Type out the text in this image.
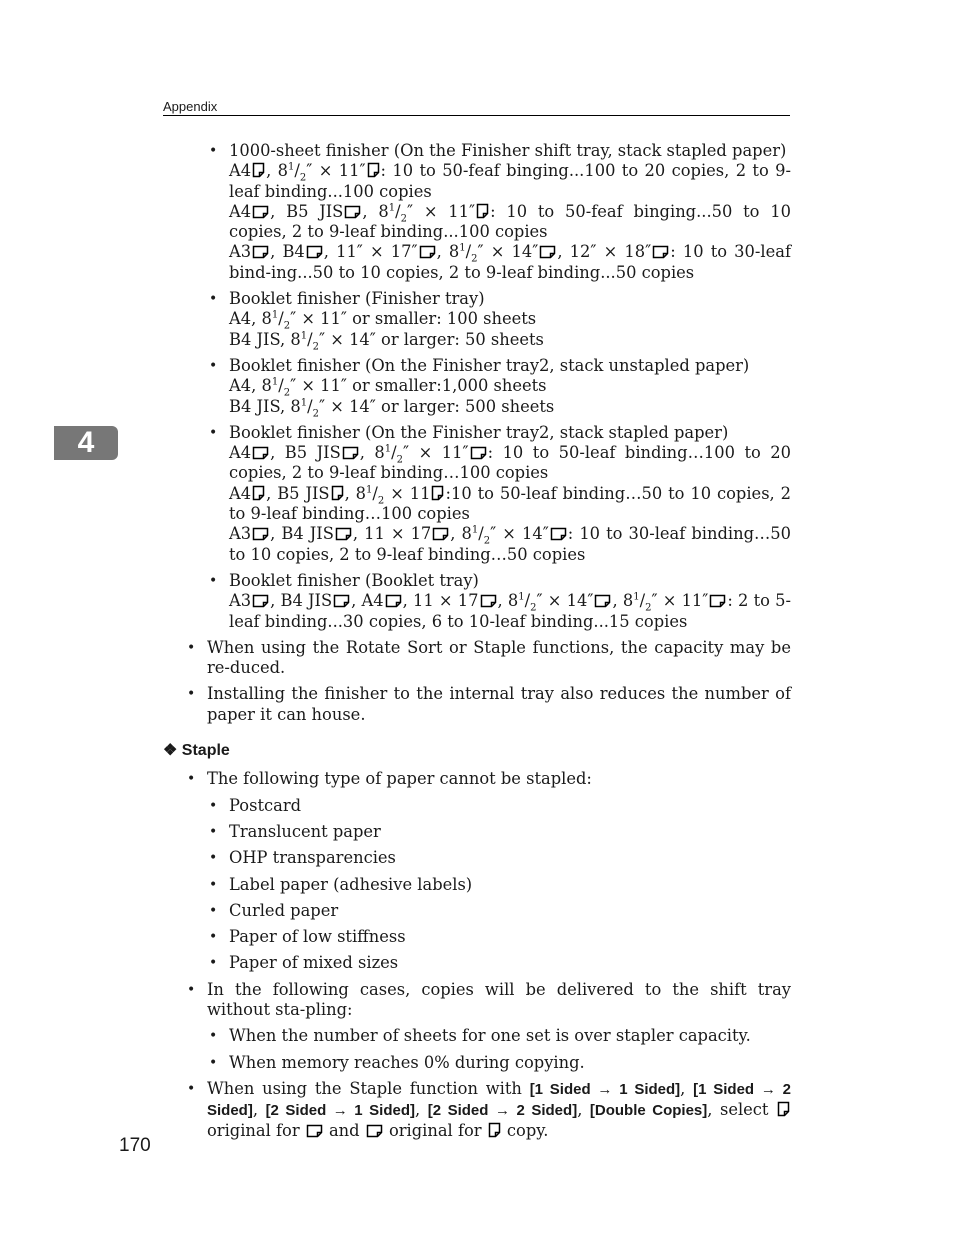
Appendix
4
• 1000-sheet finisher (On the Finisher shift tray, stack stapled paper)

A4 , $8^1/_2'' \times 11''$ : 10 to 50-feaf binging...100 to 20 copies, 2 to 9-leaf binding...100 copies

A4 , B5 JIS , $8^1/_2'' \times 11''$ : 10 to 50-feaf binging...50 to 10 copies, 2 to 9-leaf binding...100 copies

A3 , B4 , 11″ × 17″ , $8^1/_2'' \times 14''$ , 12″ × 18″ : 10 to 30-leaf bind-ing...50 to 10 copies, 2 to 9-leaf binding...50 copies

• Booklet finisher (Finisher tray)

A4, $8^1/_2'' \times 11''$ or smaller: 100 sheets

B4 JIS, $8^1/_2'' \times 14''$ or larger: 50 sheets

• Booklet finisher (On the Finisher tray2, stack unstapled paper)

A4, $8^1/_2'' \times 11''$ or smaller:1,000 sheets

B4 JIS, $8^1/_2'' \times 14''$ or larger: 500 sheets

• Booklet finisher (On the Finisher tray2, stack stapled paper)

A4 , B5 JIS , $8^1/_2'' \times 11''$ : 10 to 50-leaf binding…100 to 20 copies, 2 to 9-leaf binding…100 copies

A4 , B5 JIS , $8^1/_2 \times 11$ :10 to 50-leaf binding…50 to 10 copies, 2 to 9-leaf binding…100 copies

A3 , B4 JIS , 11 × 17 , $8^1/_2'' \times 14''$ : 10 to 30-leaf binding…50 to 10 copies, 2 to 9-leaf binding…50 copies

• Booklet finisher (Booklet tray)

A3 , B4 JIS , A4 , 11 × 17 , $8^1/_2'' \times 14''$ , $8^1/_2'' \times 11''$ : 2 to 5-leaf binding...30 copies, 6 to 10-leaf binding...15 copies

• When using the Rotate Sort or Staple functions, the capacity may be re-duced.

• Installing the finisher to the internal tray also reduces the number of paper it can house.

❖ Staple
• The following type of paper cannot be stapled:

• Postcard

• Translucent paper

• OHP transparencies

• Label paper (adhesive labels)

• Curled paper

• Paper of low stiffness

• Paper of mixed sizes

• In the following cases, copies will be delivered to the shift tray without sta-pling:

• When the number of sheets for one set is over stapler capacity.

• When memory reaches 0% during copying.

• When using the Staple function with [1 Sided → 1 Sided], [1 Sided → 2 Sided], [2 Sided → 1 Sided], [2 Sided → 2 Sided], [Double Copies], select  original for  and  original for  copy.

170
